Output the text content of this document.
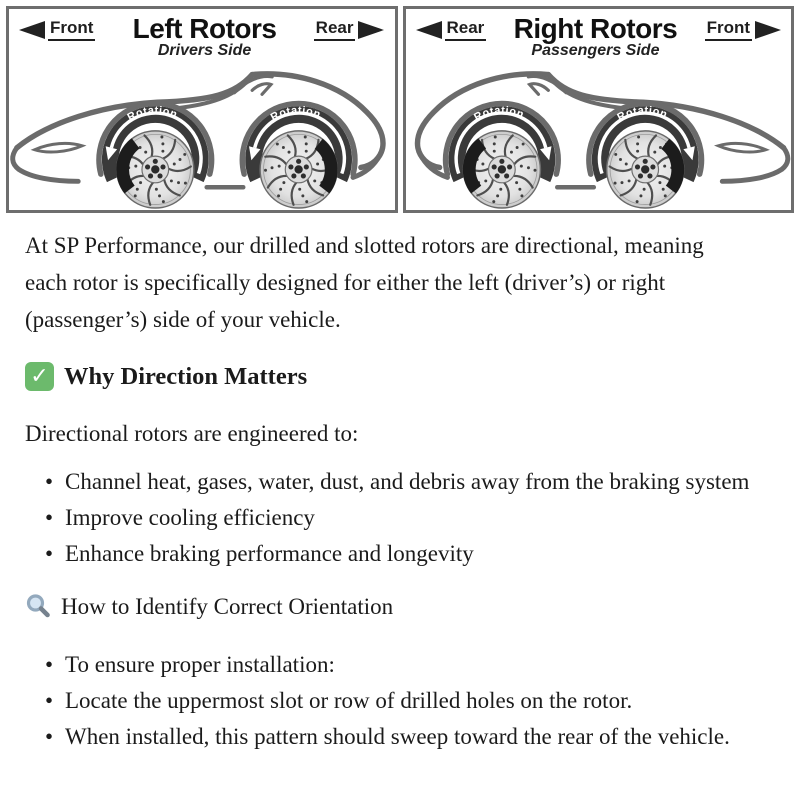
Front Left Rotors
Drivers Side
Rear
Rotation
Rotation
Rear Right Rotors
Passengers Side
Front
Rotation	Rotation

At SP Performance, our drilled and slotted rotors are directional, meaning each rotor is specifically designed for either the left (driver’s) or right (passenger’s) side of your vehicle.

✓ Why Direction Matters

Directional rotors are engineered to:

• Channel heat, gases, water, dust, and debris away from the braking system
• Improve cooling efficiency
• Enhance braking performance and longevity
How to Identify Correct Orientation
• To ensure proper installation:
• Locate the uppermost slot or row of drilled holes on the rotor.
• When installed, this pattern should sweep toward the rear of the vehicle.
